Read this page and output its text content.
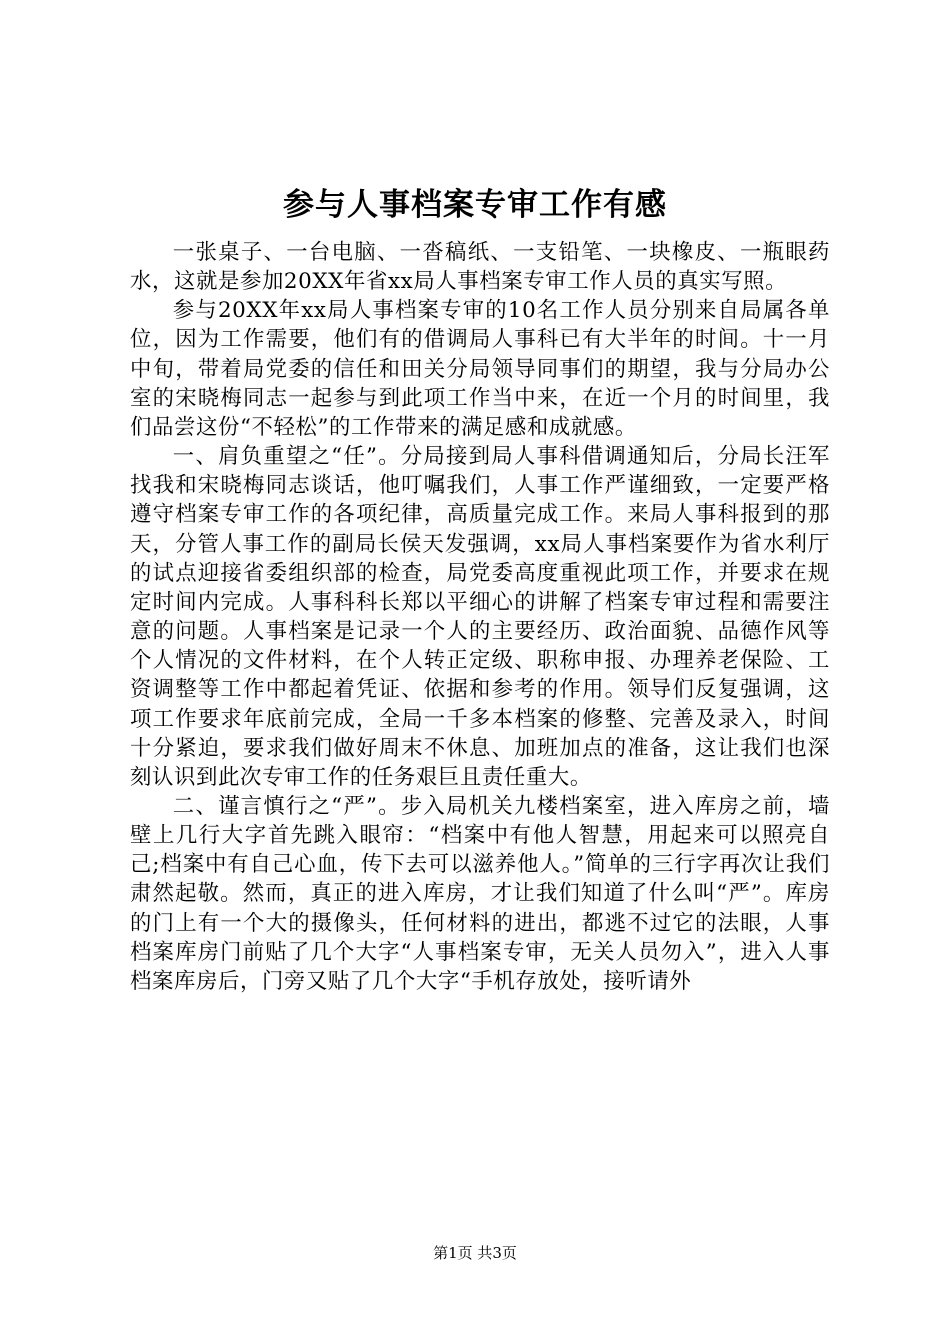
参与人事档案专审工作有感

一张桌子、一台电脑、一沓稿纸、一支铅笔、一块橡皮、一瓶眼药水，这就是参加20XX年省xx局人事档案专审工作人员的真实写照。

参与20XX年xx局人事档案专审的10名工作人员分别来自局属各单位，因为工作需要，他们有的借调局人事科已有大半年的时间。十一月中旬，带着局党委的信任和田关分局领导同事们的期望，我与分局办公室的宋晓梅同志一起参与到此项工作当中来，在近一个月的时间里，我们品尝这份“不轻松”的工作带来的满足感和成就感。

一、肩负重望之“任”。分局接到局人事科借调通知后，分局长汪军找我和宋晓梅同志谈话，他叮嘱我们，人事工作严谨细致，一定要严格遵守档案专审工作的各项纪律，高质量完成工作。来局人事科报到的那天，分管人事工作的副局长侯天发强调，xx局人事档案要作为省水利厅的试点迎接省委组织部的检查，局党委高度重视此项工作，并要求在规定时间内完成。人事科科长郑以平细心的讲解了档案专审过程和需要注意的问题。人事档案是记录一个人的主要经历、政治面貌、品德作风等个人情况的文件材料，在个人转正定级、职称申报、办理养老保险、工资调整等工作中都起着凭证、依据和参考的作用。领导们反复强调，这项工作要求年底前完成，全局一千多本档案的修整、完善及录入，时间十分紧迫，要求我们做好周末不休息、加班加点的准备，这让我们也深刻认识到此次专审工作的任务艰巨且责任重大。

二、谨言慎行之“严”。步入局机关九楼档案室，进入库房之前，墙壁上几行大字首先跳入眼帘：“档案中有他人智慧，用起来可以照亮自己;档案中有自己心血，传下去可以滋养他人。”简单的三行字再次让我们肃然起敬。然而，真正的进入库房，才让我们知道了什么叫“严”。库房的门上有一个大的摄像头，任何材料的进出，都逃不过它的法眼，人事档案库房门前贴了几个大字“人事档案专审，无关人员勿入”，进入人事档案库房后，门旁又贴了几个大字“手机存放处，接听请外

第1页 共3页
